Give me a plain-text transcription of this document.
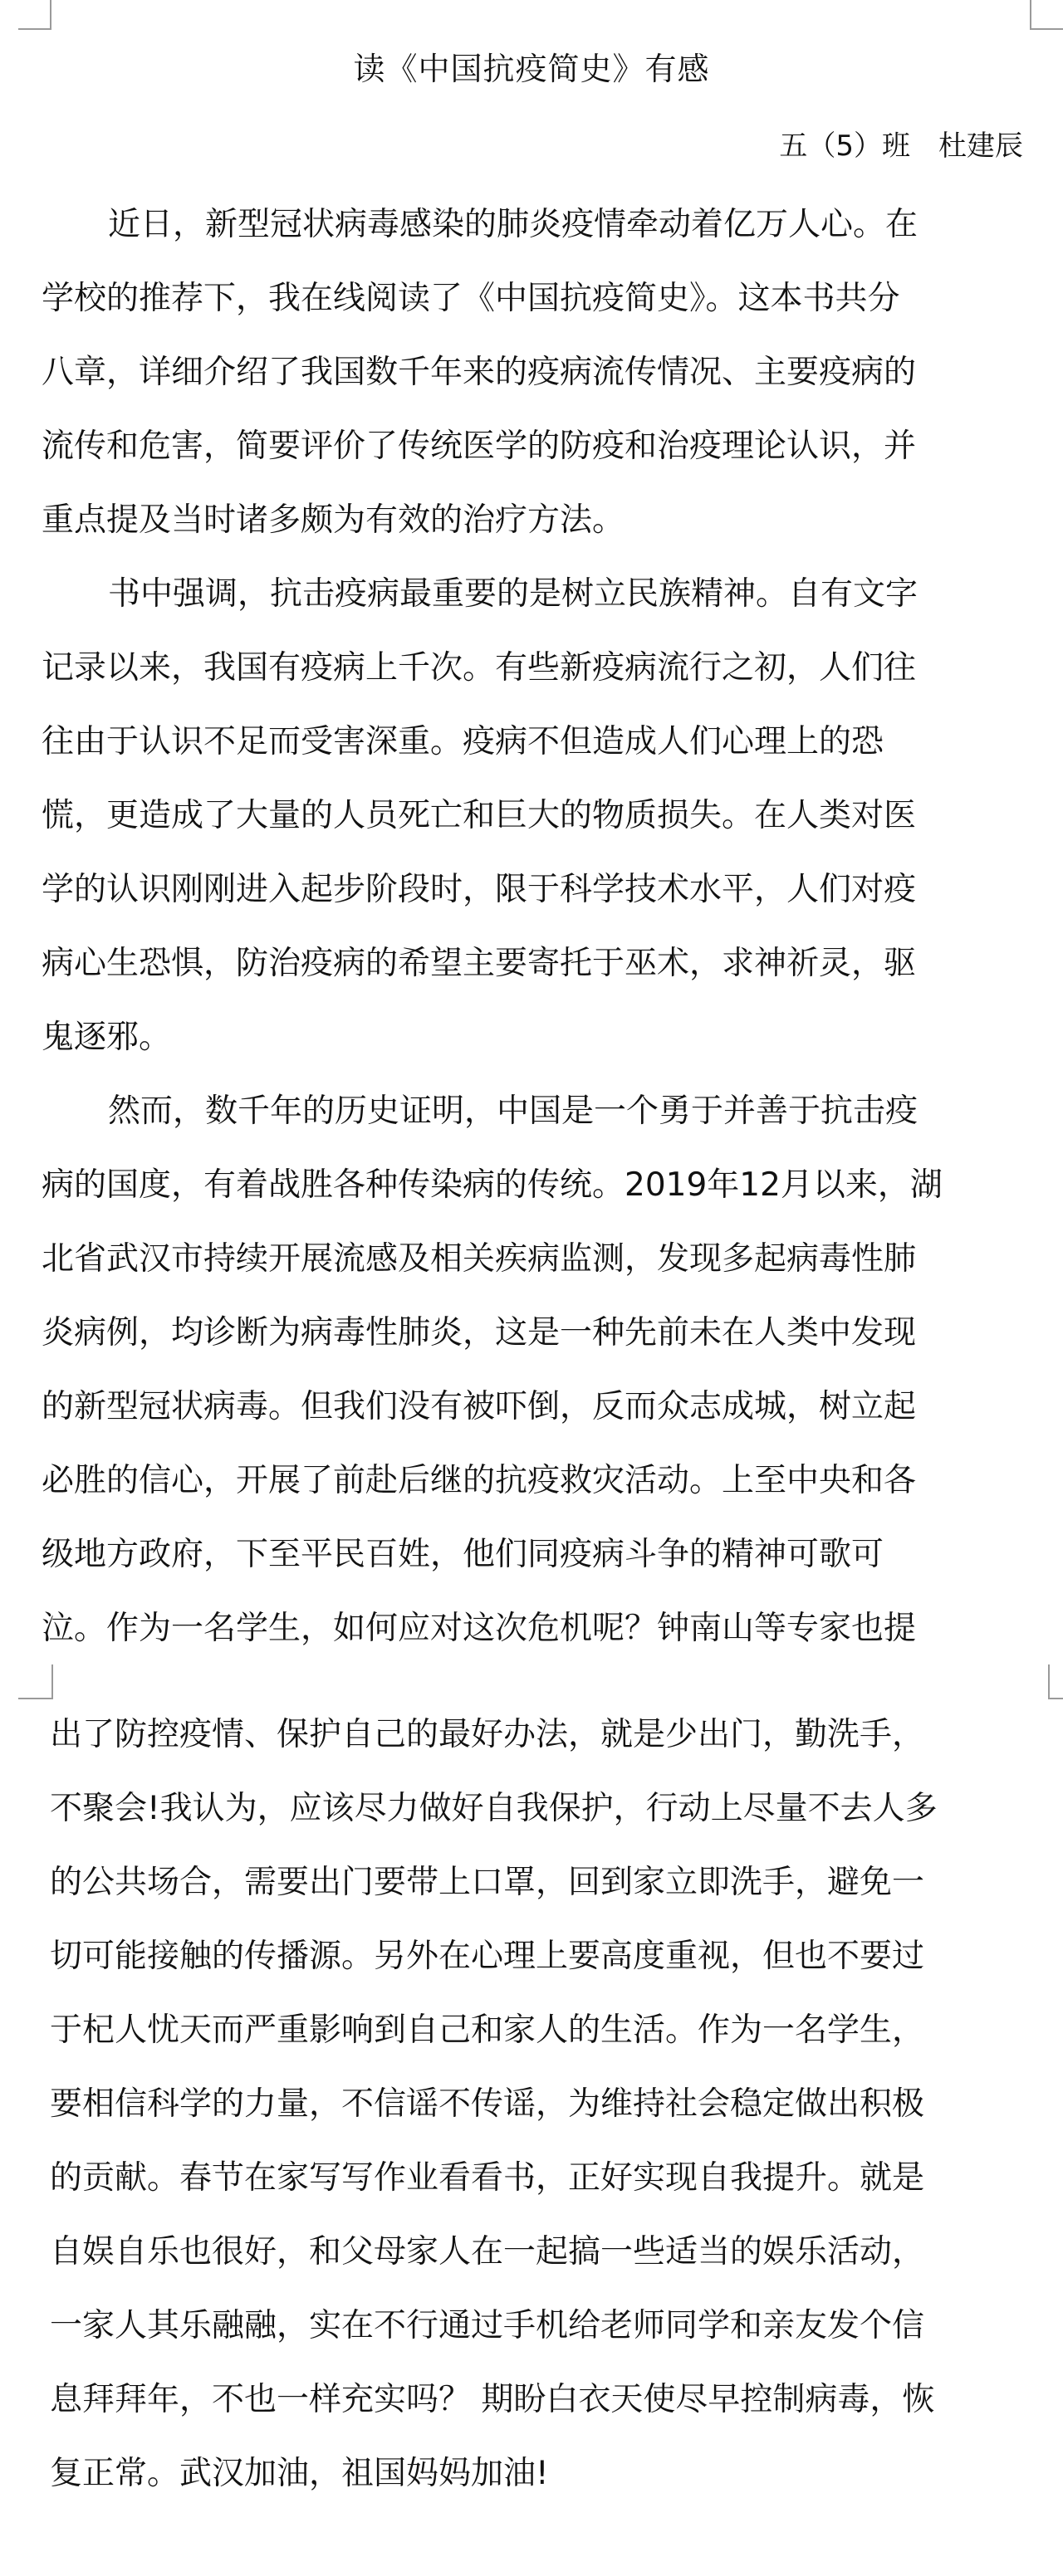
读《中国抗疫简史》有感
五（5）班　杜建辰
近日，新型冠状病毒感染的肺炎疫情牵动着亿万人心。在
学校的推荐下，我在线阅读了《中国抗疫简史》。这本书共分
八章，详细介绍了我国数千年来的疫病流传情况、主要疫病的
流传和危害，简要评价了传统医学的防疫和治疫理论认识，并
重点提及当时诸多颇为有效的治疗方法。
书中强调，抗击疫病最重要的是树立民族精神。自有文字
记录以来，我国有疫病上千次。有些新疫病流行之初，人们往
往由于认识不足而受害深重。疫病不但造成人们心理上的恐
慌，更造成了大量的人员死亡和巨大的物质损失。在人类对医
学的认识刚刚进入起步阶段时，限于科学技术水平，人们对疫
病心生恐惧，防治疫病的希望主要寄托于巫术，求神祈灵，驱
鬼逐邪。
然而，数千年的历史证明，中国是一个勇于并善于抗击疫
病的国度，有着战胜各种传染病的传统。2019年12月以来，湖
北省武汉市持续开展流感及相关疾病监测，发现多起病毒性肺
炎病例，均诊断为病毒性肺炎，这是一种先前未在人类中发现
的新型冠状病毒。但我们没有被吓倒，反而众志成城，树立起
必胜的信心，开展了前赴后继的抗疫救灾活动。上至中央和各
级地方政府，下至平民百姓，他们同疫病斗争的精神可歌可
泣。作为一名学生，如何应对这次危机呢？钟南山等专家也提
出了防控疫情、保护自己的最好办法，就是少出门，勤洗手，
不聚会!我认为，应该尽力做好自我保护，行动上尽量不去人多
的公共场合，需要出门要带上口罩，回到家立即洗手，避免一
切可能接触的传播源。另外在心理上要高度重视，但也不要过
于杞人忧天而严重影响到自己和家人的生活。作为一名学生，
要相信科学的力量，不信谣不传谣，为维持社会稳定做出积极
的贡献。春节在家写写作业看看书，正好实现自我提升。就是
自娱自乐也很好，和父母家人在一起搞一些适当的娱乐活动，
一家人其乐融融，实在不行通过手机给老师同学和亲友发个信
息拜拜年，不也一样充实吗？ 期盼白衣天使尽早控制病毒，恢
复正常。武汉加油，祖国妈妈加油!
